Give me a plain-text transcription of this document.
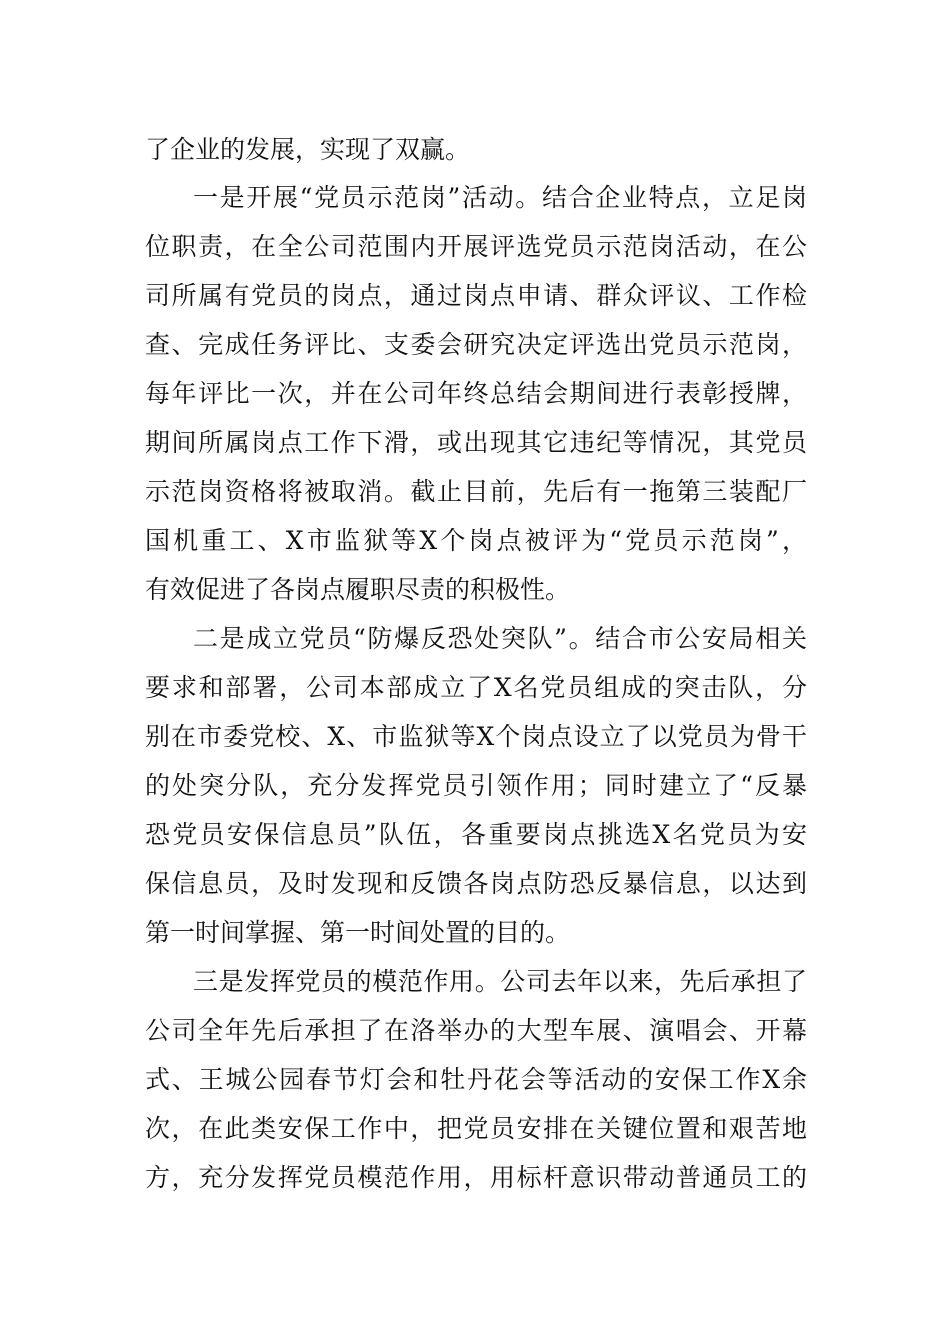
了企业的发展，实现了双赢。
一是开展“党员示范岗”活动。结合企业特点，立足岗
位职责，在全公司范围内开展评选党员示范岗活动，在公
司所属有党员的岗点，通过岗点申请、群众评议、工作检
查、完成任务评比、支委会研究决定评选出党员示范岗，
每年评比一次，并在公司年终总结会期间进行表彰授牌，
期间所属岗点工作下滑，或出现其它违纪等情况，其党员
示范岗资格将被取消。截止目前，先后有一拖第三装配厂
国机重工、X市监狱等X个岗点被评为“党员示范岗”，
有效促进了各岗点履职尽责的积极性。
二是成立党员“防爆反恐处突队”。结合市公安局相关
要求和部署，公司本部成立了X名党员组成的突击队，分
别在市委党校、X、市监狱等X个岗点设立了以党员为骨干
的处突分队，充分发挥党员引领作用；同时建立了“反暴
恐党员安保信息员”队伍，各重要岗点挑选X名党员为安
保信息员，及时发现和反馈各岗点防恐反暴信息，以达到
第一时间掌握、第一时间处置的目的。
三是发挥党员的模范作用。公司去年以来，先后承担了
公司全年先后承担了在洛举办的大型车展、演唱会、开幕
式、王城公园春节灯会和牡丹花会等活动的安保工作X余
次，在此类安保工作中，把党员安排在关键位置和艰苦地
方，充分发挥党员模范作用，用标杆意识带动普通员工的
